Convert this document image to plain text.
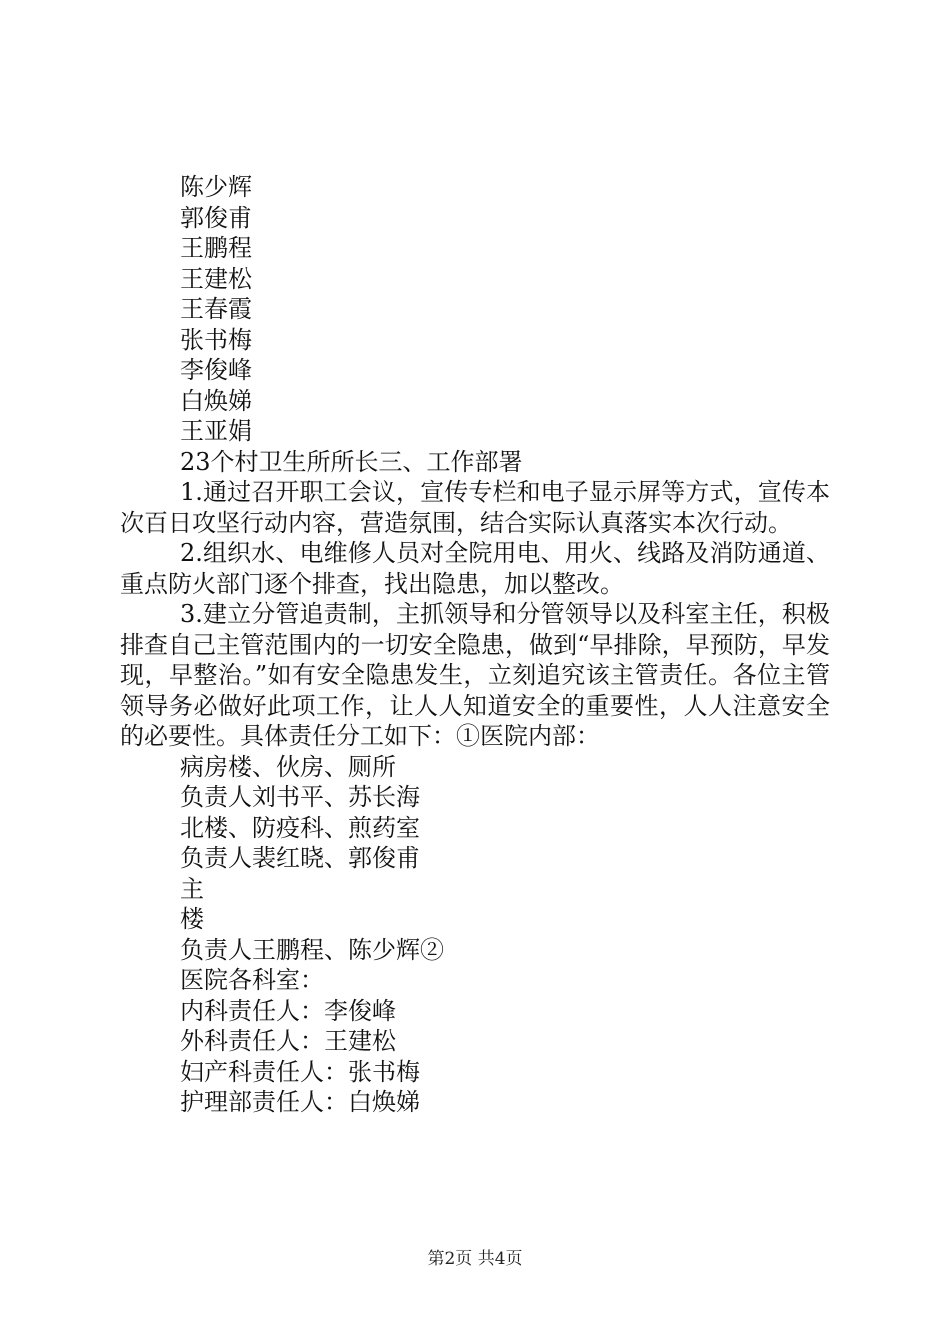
陈少辉
郭俊甫
王鹏程
王建松
王春霞
张书梅
李俊峰
白焕娣
王亚娟
23个村卫生所所长三、工作部署

1.通过召开职工会议，宣传专栏和电子显示屏等方式，宣传本次百日攻坚行动内容，营造氛围，结合实际认真落实本次行动。

2.组织水、电维修人员对全院用电、用火、线路及消防通道、重点防火部门逐个排查，找出隐患，加以整改。

3.建立分管追责制，主抓领导和分管领导以及科室主任，积极排查自己主管范围内的一切安全隐患，做到“早排除，早预防，早发现，早整治。”如有安全隐患发生，立刻追究该主管责任。各位主管领导务必做好此项工作，让人人知道安全的重要性，人人注意安全的必要性。具体责任分工如下：①医院内部：

病房楼、伙房、厕所
负责人刘书平、苏长海
北楼、防疫科、煎药室
负责人裴红晓、郭俊甫
主
楼
负责人王鹏程、陈少辉②
医院各科室：
内科责任人：李俊峰
外科责任人：王建松
妇产科责任人：张书梅
护理部责任人：白焕娣
第2页 共4页
